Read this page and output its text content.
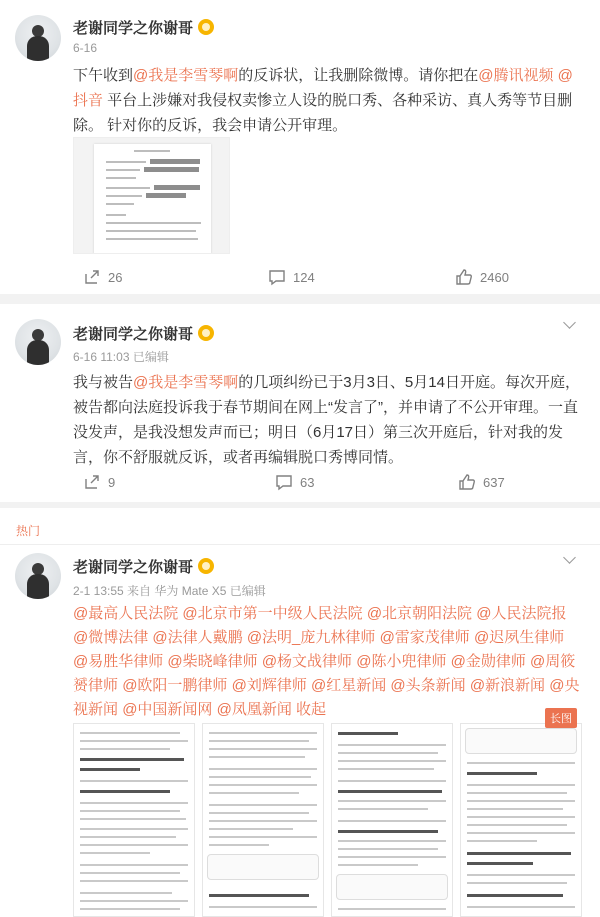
老谢同学之你谢哥
6-16
下午收到@我是李雪琴啊的反诉状，让我删除微博。请你把在@腾讯视频 @抖音 平台上涉嫌对我侵权卖惨立人设的脱口秀、各种采访、真人秀等节目删除。 针对你的反诉，我会申请公开审理。
26	124	2460
老谢同学之你谢哥
6-16 11:03 已编辑
我与被告@我是李雪琴啊的几项纠纷已于3月3日、5月14日开庭。每次开庭，被告都向法庭投诉我于春节期间在网上“发言了”，并申请了不公开审理。一直没发声，是我没想发声而已；明日（6月17日）第三次开庭后，针对我的发言，你不舒服就反诉，或者再编辑脱口秀博同情。
9	63	637
热门
老谢同学之你谢哥
2-1 13:55 来自 华为 Mate X5 已编辑
@最高人民法院 @北京市第一中级人民法院 @北京朝阳法院 @人民法院报 @微博法律 @法律人戴鹏 @法明_庞九林律师 @雷家茂律师 @迟夙生律师 @易胜华律师 @柴晓峰律师 @杨文战律师 @陈小兜律师 @金勋律师 @周筱赟律师 @欧阳一鹏律师 @刘辉律师 @红星新闻 @头条新闻 @新浪新闻 @央视新闻 @中国新闻网 @凤凰新闻 收起
长图
